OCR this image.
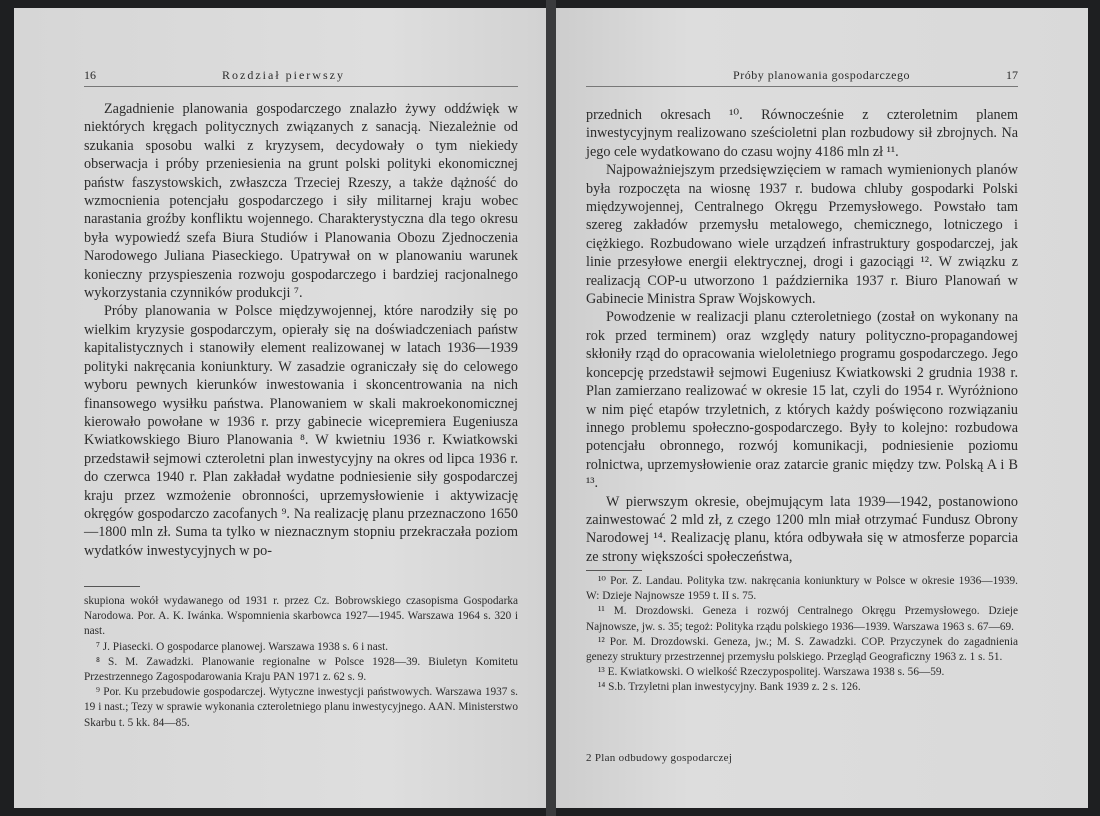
16	Rozdział pierwszy

Zagadnienie planowania gospodarczego znalazło żywy oddźwięk w niektórych kręgach politycznych związanych z sanacją. Niezależnie od szukania sposobu walki z kryzysem, decydowały o tym niekiedy obserwacja i próby przeniesienia na grunt polski polityki ekonomicznej państw faszystowskich, zwłaszcza Trzeciej Rzeszy, a także dążność do wzmocnienia potencjału gospodarczego i siły militarnej kraju wobec narastania groźby konfliktu wojennego. Charakterystyczna dla tego okresu była wypowiedź szefa Biura Studiów i Planowania Obozu Zjednoczenia Narodowego Juliana Piaseckiego. Upatrywał on w planowaniu warunek konieczny przyspieszenia rozwoju gospodarczego i bardziej racjonalnego wykorzystania czynników produkcji ⁷.

Próby planowania w Polsce międzywojennej, które narodziły się po wielkim kryzysie gospodarczym, opierały się na doświadczeniach państw kapitalistycznych i stanowiły element realizowanej w latach 1936—1939 polityki nakręcania koniunktury. W zasadzie ograniczały się do celowego wyboru pewnych kierunków inwestowania i skoncentrowania na nich finansowego wysiłku państwa. Planowaniem w skali makroekonomicznej kierowało powołane w 1936 r. przy gabinecie wicepremiera Eugeniusza Kwiatkowskiego Biuro Planowania ⁸. W kwietniu 1936 r. Kwiatkowski przedstawił sejmowi czteroletni plan inwestycyjny na okres od lipca 1936 r. do czerwca 1940 r. Plan zakładał wydatne podniesienie siły gospodarczej kraju przez wzmożenie obronności, uprzemysłowienie i aktywizację okręgów gospodarczo zacofanych ⁹. Na realizację planu przeznaczono 1650—1800 mln zł. Suma ta tylko w nieznacznym stopniu przekraczała poziom wydatków inwestycyjnych w po-

skupiona wokół wydawanego od 1931 r. przez Cz. Bobrowskiego czasopisma Gospodarka Narodowa. Por. A. K. Iwánka. Wspomnienia skarbowca 1927—1945. Warszawa 1964 s. 320 i nast.

⁷ J. Piasecki. O gospodarce planowej. Warszawa 1938 s. 6 i nast.

⁸ S. M. Zawadzki. Planowanie regionalne w Polsce 1928—39. Biuletyn Komitetu Przestrzennego Zagospodarowania Kraju PAN 1971 z. 62 s. 9.

⁹ Por. Ku przebudowie gospodarczej. Wytyczne inwestycji państwowych. Warszawa 1937 s. 19 i nast.; Tezy w sprawie wykonania czteroletniego planu inwestycyjnego. AAN. Ministerstwo Skarbu t. 5 kk. 84—85.

Próby planowania gospodarczego	17

przednich okresach ¹⁰. Równocześnie z czteroletnim planem inwestycyjnym realizowano sześcioletni plan rozbudowy sił zbrojnych. Na jego cele wydatkowano do czasu wojny 4186 mln zł ¹¹.

Najpoważniejszym przedsięwzięciem w ramach wymienionych planów była rozpoczęta na wiosnę 1937 r. budowa chluby gospodarki Polski międzywojennej, Centralnego Okręgu Przemysłowego. Powstało tam szereg zakładów przemysłu metalowego, chemicznego, lotniczego i ciężkiego. Rozbudowano wiele urządzeń infrastruktury gospodarczej, jak linie przesyłowe energii elektrycznej, drogi i gazociągi ¹². W związku z realizacją COP-u utworzono 1 października 1937 r. Biuro Planowań w Gabinecie Ministra Spraw Wojskowych.

Powodzenie w realizacji planu czteroletniego (został on wykonany na rok przed terminem) oraz względy natury polityczno-propagandowej skłoniły rząd do opracowania wieloletniego programu gospodarczego. Jego koncepcję przedstawił sejmowi Eugeniusz Kwiatkowski 2 grudnia 1938 r. Plan zamierzano realizować w okresie 15 lat, czyli do 1954 r. Wyróżniono w nim pięć etapów trzyletnich, z których każdy poświęcono rozwiązaniu innego problemu społeczno-gospodarczego. Były to kolejno: rozbudowa potencjału obronnego, rozwój komunikacji, podniesienie poziomu rolnictwa, uprzemysłowienie oraz zatarcie granic między tzw. Polską A i B ¹³.

W pierwszym okresie, obejmującym lata 1939—1942, postanowiono zainwestować 2 mld zł, z czego 1200 mln miał otrzymać Fundusz Obrony Narodowej ¹⁴. Realizację planu, która odbywała się w atmosferze poparcia ze strony większości społeczeństwa,

¹⁰ Por. Z. Landau. Polityka tzw. nakręcania koniunktury w Polsce w okresie 1936—1939. W: Dzieje Najnowsze 1959 t. II s. 75.

¹¹ M. Drozdowski. Geneza i rozwój Centralnego Okręgu Przemysłowego. Dzieje Najnowsze, jw. s. 35; tegoż: Polityka rządu polskiego 1936—1939. Warszawa 1963 s. 67—69.

¹² Por. M. Drozdowski. Geneza, jw.; M. S. Zawadzki. COP. Przyczynek do zagadnienia genezy struktury przestrzennej przemysłu polskiego. Przegląd Geograficzny 1963 z. 1 s. 51.

¹³ E. Kwiatkowski. O wielkość Rzeczypospolitej. Warszawa 1938 s. 56—59.

¹⁴ S.b. Trzyletni plan inwestycyjny. Bank 1939 z. 2 s. 126.

2 Plan odbudowy gospodarczej
